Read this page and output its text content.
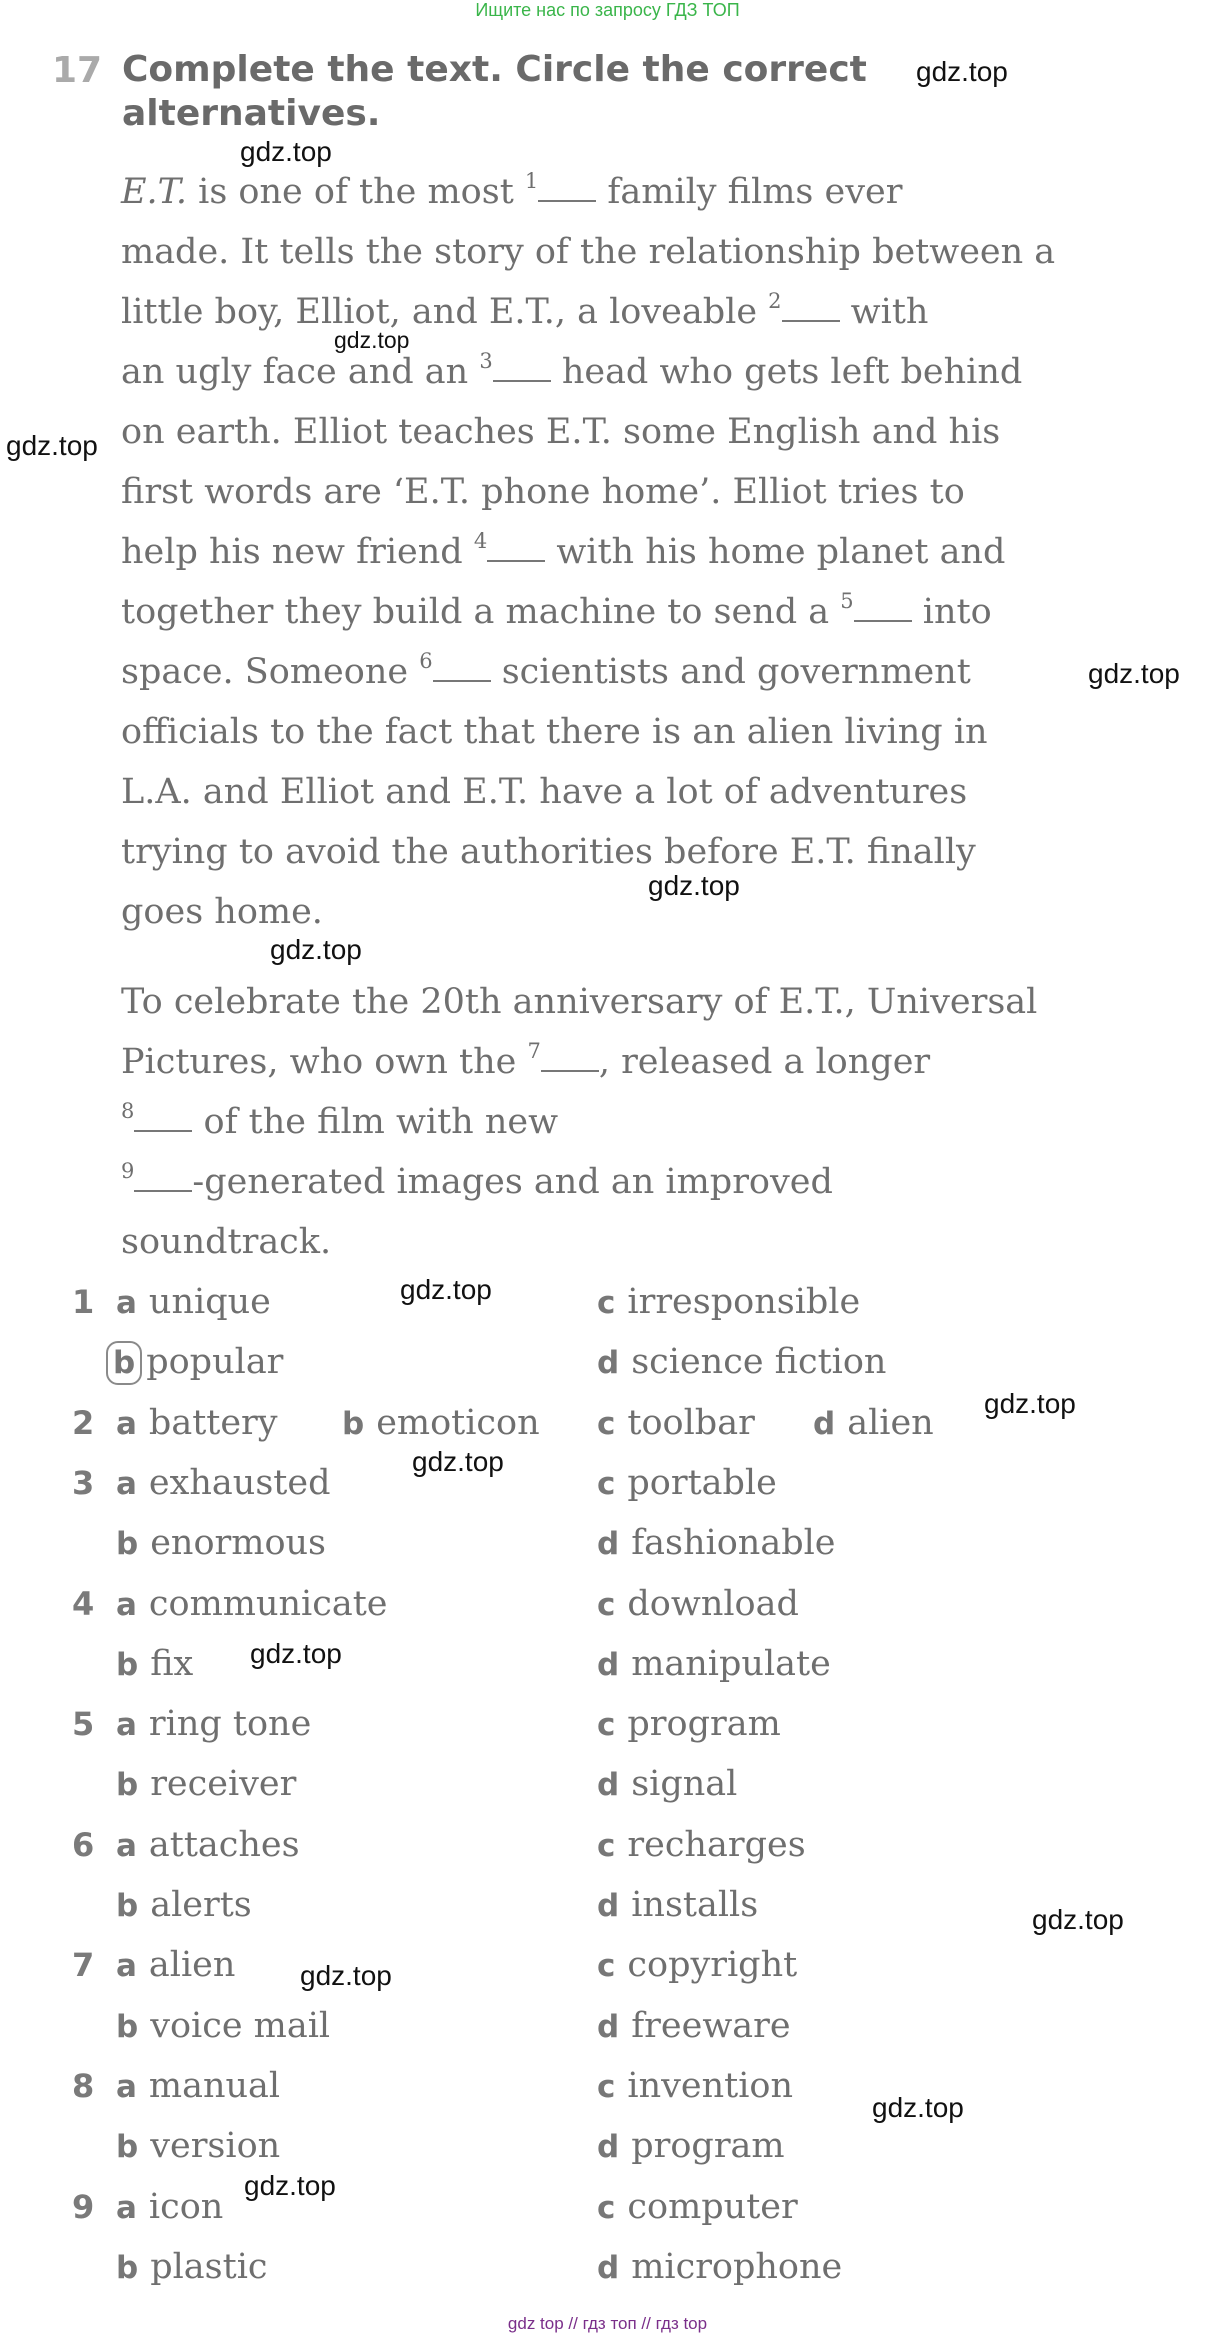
Ищите нас по запросу ГДЗ ТОП
17 Complete the text. Circle the correct
alternatives.
E.T. is one of the most $^1$ family films ever
made. It tells the story of the relationship between a
little boy, Elliot, and E.T., a loveable $^2$ with
an ugly face and an $^3$ head who gets left behind
on earth. Elliot teaches E.T. some English and his
first words are ‘E.T. phone home’. Elliot tries to
help his new friend $^4$ with his home planet and
together they build a machine to send a $^5$ into
space. Someone $^6$ scientists and government
officials to the fact that there is an alien living in
L.A. and Elliot and E.T. have a lot of adventures
trying to avoid the authorities before E.T. finally
goes home.
To celebrate the 20th anniversary of E.T., Universal
Pictures, who own the $^7$ , released a longer
$^8$ of the film with new
$^9$ -generated images and an improved
soundtrack.
1 a unique	c irresponsible
b popular	d science fiction
2 a battery b emoticon c toolbar d alien
3 a exhausted	c portable
b enormous	d fashionable
4 a communicate	c download
b fix	d manipulate
5 a ring tone	c program
b receiver	d signal
6 a attaches	c recharges
b alerts	d installs
7 a alien	c copyright
b voice mail	d freeware
8 a manual	c invention
b version	d program
9 a icon	c computer
b plastic	d microphone
gdz.top
gdz.top
gdz.top
gdz.top
gdz.top
gdz.top
gdz.top
gdz.top
gdz.top
gdz.top
gdz.top
gdz.top
gdz.top
gdz.top
gdz.top
gdz top // гдз топ // гдз top
